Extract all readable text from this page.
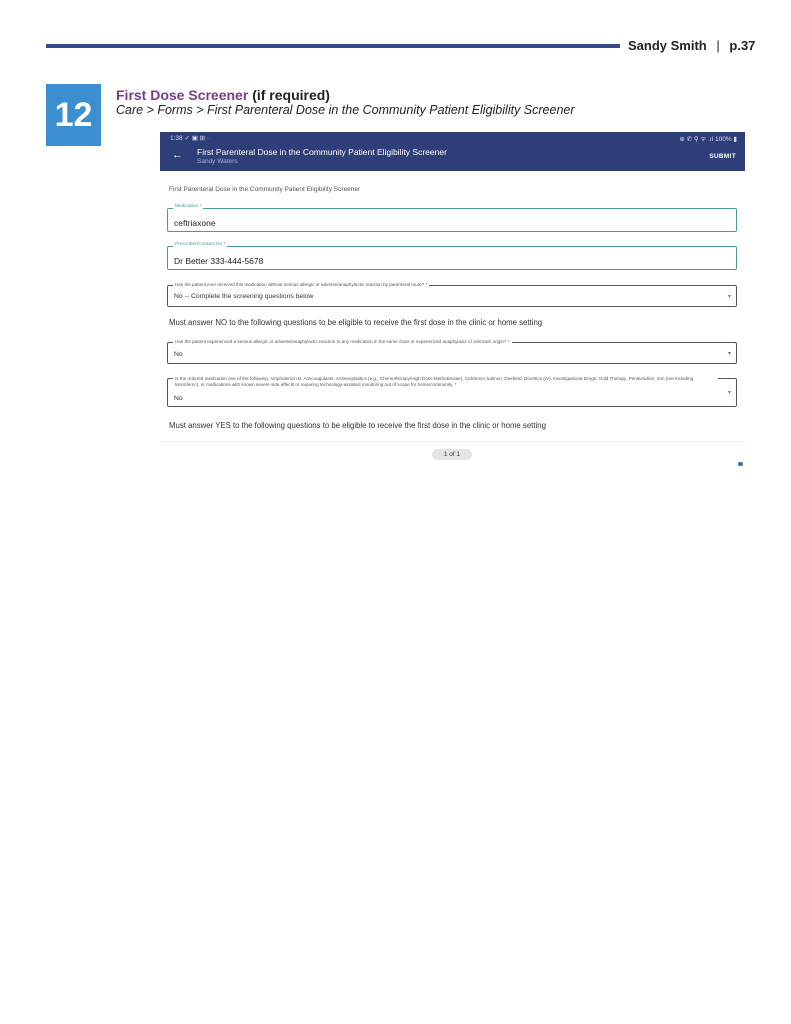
Sandy Smith | p.37
12
First Dose Screener (if required)
Care > Forms > First Parenteral Dose in the Community Patient Eligibility Screener
1:38 ✓ ▣ ⊞ ·	⊕ ✆ ⚲ ᯤ .ıl 100% ▮
← First Parenteral Dose in the Community Patient Eligibility Screener
Sandy Waters
SUBMIT
First Parenteral Dose in the Community Patient Eligibility Screener
Medication *
ceftriaxone
Prescriber/Contact No *
Dr Better 333-444-5678
Has the patient ever received this medication without serious allergic or adverse/anaphylactic reaction by parenteral route? *
No -- Complete the screening questions below	▾
Must answer NO to the following questions to be eligible to receive the first dose in the clinic or home setting
Has the patient experienced a serious allergic or adverse/anaphylactic reaction to any medication in the same class or experienced anaphylaxis of unknown origin? *
No	▾
Is the ordered medication one of the following: Amphotericin B, Anticoagulants, Antineoplastics (e.g., Chemotherapy/High Dose Methotrexate), Calcitonin Salmon, Desferal, Diuretics (IV), Investigational Drugs, Gold Therapy, Pentamidine, Iron (not including Monoferric), or medications with known severe side effects or requiring technology-assisted monitoring out of scope for home/community. *
No
▾
Must answer YES to the following questions to be eligible to receive the first dose in the clinic or home setting
1 of 1
